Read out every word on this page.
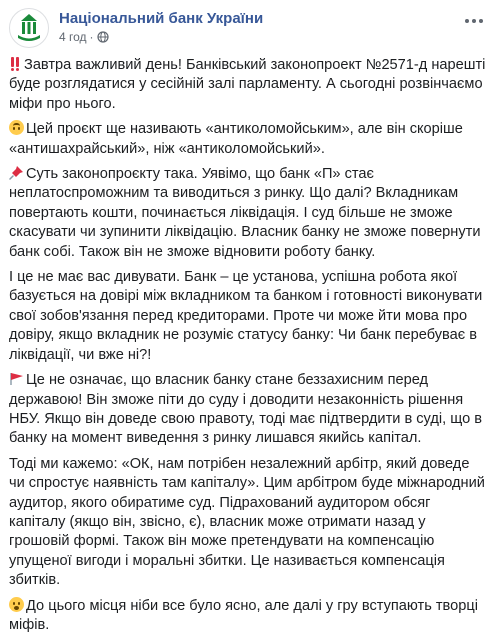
Національний банк України
4 год ·

Завтра важливий день! Банківський законопроект №2571-д нарешті буде розглядатися у сесійній залі парламенту. А сьогодні розвінчаємо міфи про нього.

Цей проєкт ще називають «антиколомойським», але він скоріше «антишахрайський», ніж «антиколомойський».

Суть законопроєкту така. Уявімо, що банк «П» стає неплатоспроможним та виводиться з ринку. Що далі? Вкладникам повертають кошти, починається ліквідація. І суд більше не зможе скасувати чи зупинити ліквідацію. Власник банку не зможе повернути банк собі. Також він не зможе відновити роботу банку.

І це не має вас дивувати. Банк – це установа, успішна робота якої базується на довірі між вкладником та банком і готовності виконувати свої зобов'язання перед кредиторами. Проте чи може йти мова про довіру, якщо вкладник не розуміє статусу банку: Чи банк перебуває в ліквідації, чи вже ні?!

Це не означає, що власник банку стане беззахисним перед державою! Він зможе піти до суду і доводити незаконність рішення НБУ. Якщо він доведе свою правоту, тоді має підтвердити в суді, що в банку на момент виведення з ринку лишався якийсь капітал.

Тоді ми кажемо: «ОК, нам потрібен незалежний арбітр, який доведе чи спростує наявність там капіталу». Цим арбітром буде міжнародний аудитор, якого обиратиме суд. Підрахований аудитором обсяг капіталу (якщо він, звісно, є), власник може отримати назад у грошовій формі. Також він може претендувати на компенсацію упущеної вигоди і моральні збитки. Це називається компенсація збитків.

До цього місця ніби все було ясно, але далі у гру вступають творці міфів.
